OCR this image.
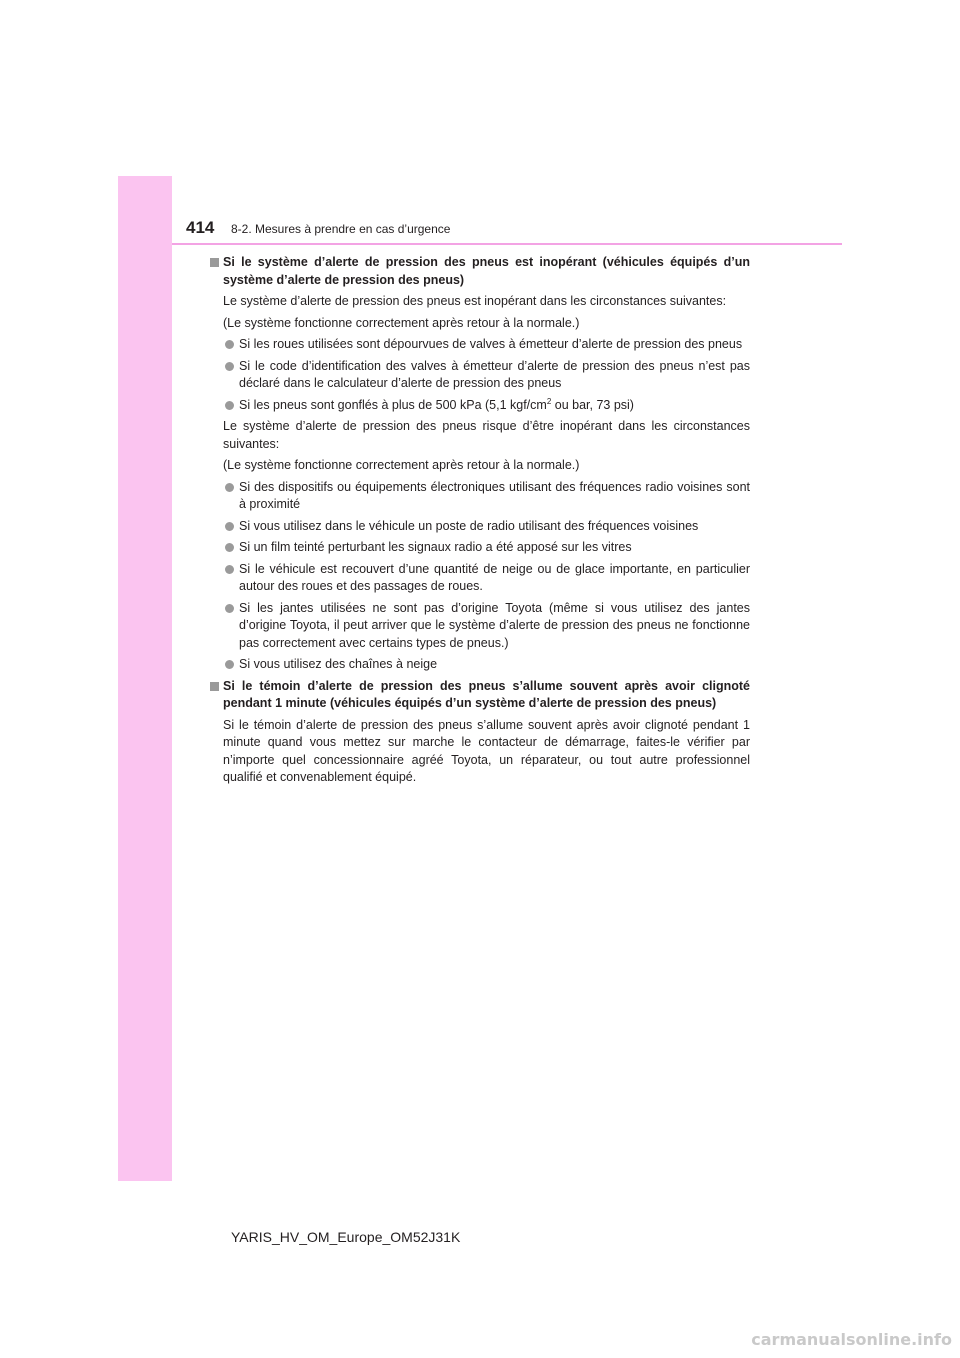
414 8-2. Mesures à prendre en cas d’urgence
Si le système d’alerte de pression des pneus est inopérant (véhicules équipés d’un système d’alerte de pression des pneus)
Le système d’alerte de pression des pneus est inopérant dans les circonstances suivantes:
(Le système fonctionne correctement après retour à la normale.)
Si les roues utilisées sont dépourvues de valves à émetteur d’alerte de pression des pneus
Si le code d’identification des valves à émetteur d’alerte de pression des pneus n’est pas déclaré dans le calculateur d’alerte de pression des pneus
Si les pneus sont gonflés à plus de 500 kPa (5,1 kgf/$cm^2$ ou bar, 73 psi)
Le système d’alerte de pression des pneus risque d’être inopérant dans les circonstances suivantes:
(Le système fonctionne correctement après retour à la normale.)
Si des dispositifs ou équipements électroniques utilisant des fréquences radio voisines sont à proximité
Si vous utilisez dans le véhicule un poste de radio utilisant des fréquences voisines
Si un film teinté perturbant les signaux radio a été apposé sur les vitres
Si le véhicule est recouvert d’une quantité de neige ou de glace importante, en particulier autour des roues et des passages de roues.
Si les jantes utilisées ne sont pas d’origine Toyota (même si vous utilisez des jantes d’origine Toyota, il peut arriver que le système d’alerte de pression des pneus ne fonctionne pas correctement avec certains types de pneus.)
Si vous utilisez des chaînes à neige
Si le témoin d’alerte de pression des pneus s’allume souvent après avoir clignoté pendant 1 minute (véhicules équipés d’un système d’alerte de pression des pneus)
Si le témoin d’alerte de pression des pneus s’allume souvent après avoir clignoté pendant 1 minute quand vous mettez sur marche le contacteur de démarrage, faites-le vérifier par n’importe quel concessionnaire agréé Toyota, un réparateur, ou tout autre professionnel qualifié et convenablement équipé.
YARIS_HV_OM_Europe_OM52J31K
carmanualsonline.info
